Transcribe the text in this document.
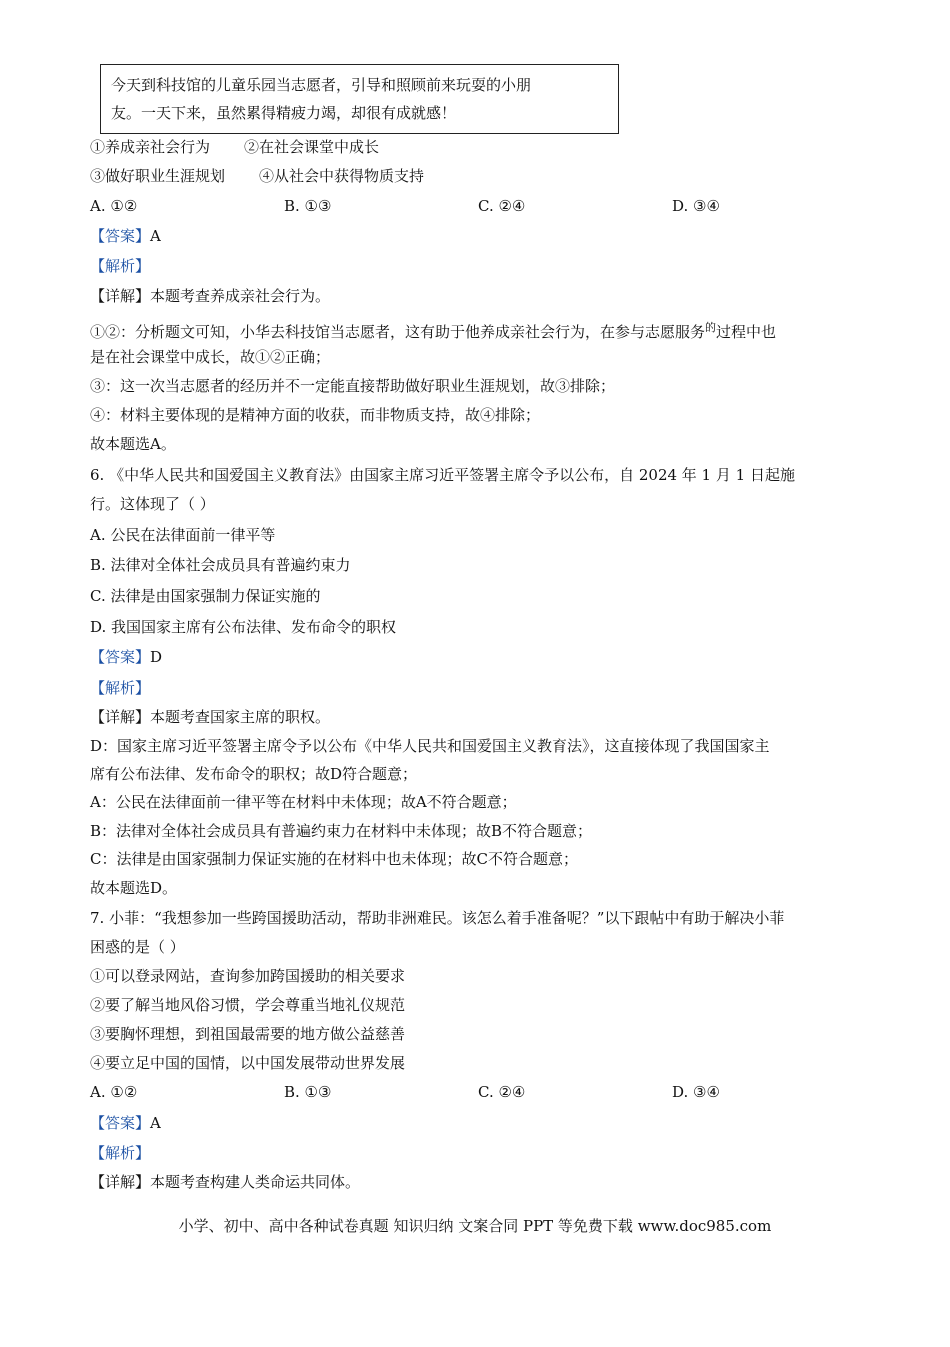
今天到科技馆的儿童乐园当志愿者，引导和照顾前来玩耍的小朋
友。一天下来，虽然累得精疲力竭，却很有成就感！
①养成亲社会行为 ②在社会课堂中成长
③做好职业生涯规划 ④从社会中获得物质支持
A. ①②	B. ①③	C. ②④	D. ③④
【答案】A
【解析】
【详解】本题考查养成亲社会行为。
①②：分析题文可知，小华去科技馆当志愿者，这有助于他养成亲社会行为，在参与志愿服务$^的$过程中也
是在社会课堂中成长，故①②正确；
③：这一次当志愿者的经历并不一定能直接帮助做好职业生涯规划，故③排除；
④：材料主要体现的是精神方面的收获，而非物质支持，故④排除；
故本题选A。
6. 《中华人民共和国爱国主义教育法》由国家主席习近平签署主席令予以公布，自 2024 年 1 月 1 日起施
行。这体现了（ ）
A. 公民在法律面前一律平等
B. 法律对全体社会成员具有普遍约束力
C. 法律是由国家强制力保证实施的
D. 我国国家主席有公布法律、发布命令的职权
【答案】D
【解析】
【详解】本题考查国家主席的职权。
D：国家主席习近平签署主席令予以公布《中华人民共和国爱国主义教育法》，这直接体现了我国国家主
席有公布法律、发布命令的职权；故D符合题意；
A：公民在法律面前一律平等在材料中未体现；故A不符合题意；
B：法律对全体社会成员具有普遍约束力在材料中未体现；故B不符合题意；
C：法律是由国家强制力保证实施的在材料中也未体现；故C不符合题意；
故本题选D。
7. 小菲：“我想参加一些跨国援助活动，帮助非洲难民。该怎么着手准备呢？”以下跟帖中有助于解决小菲
困惑的是（ ）
①可以登录网站，查询参加跨国援助的相关要求
②要了解当地风俗习惯，学会尊重当地礼仪规范
③要胸怀理想，到祖国最需要的地方做公益慈善
④要立足中国的国情，以中国发展带动世界发展
A. ①②	B. ①③	C. ②④	D. ③④
【答案】A
【解析】
【详解】本题考查构建人类命运共同体。
小学、初中、高中各种试卷真题 知识归纳 文案合同 PPT 等免费下载 www.doc985.com
